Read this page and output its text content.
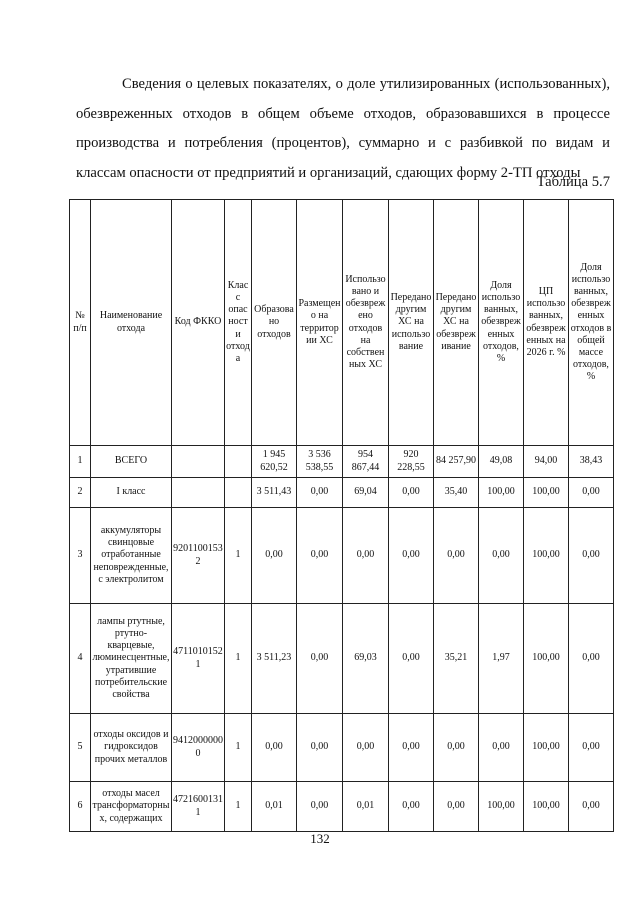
Сведения о целевых показателях, о доле утилизированных (использованных), обезвреженных отходов в общем объеме отходов, образовавшихся в процессе производства и потребления (процентов), суммарно и с разбивкой по видам и классам опасности от предприятий и организаций, сдающих форму 2-ТП отходы

Таблица 5.7
№ п/п	Наименование отхода	Код ФККО	Класс опасности отхода	Образовано отходов	Размещено на территории ХС	Использовано и обезврежено отходов на собственных ХС	Передано другим ХС на использование	Передано другим ХС на обезвреживание	Доля использованных, обезвреженных отходов, %	ЦП использованных, обезвреженных на 2026 г. %	Доля использованных, обезвреженных отходов в общей массе отходов, %
1	ВСЕГО			1 945 620,52	3 536 538,55	954 867,44	920 228,55	84 257,90	49,08	94,00	38,43
2	I класс			3 511,43	0,00	69,04	0,00	35,40	100,00	100,00	0,00
3	аккумуляторы свинцовые отработанные неповрежденные, с электролитом	92011001532	1	0,00	0,00	0,00	0,00	0,00	0,00	100,00	0,00
4	лампы ртутные, ртутно-кварцевые, люминесцентные, утратившие потребительские свойства	47110101521	1	3 511,23	0,00	69,03	0,00	35,21	1,97	100,00	0,00
5	отходы оксидов и гидроксидов прочих металлов	94120000000	1	0,00	0,00	0,00	0,00	0,00	0,00	100,00	0,00
6	отходы масел трансформаторных, содержащих	47216001311	1	0,01	0,00	0,01	0,00	0,00	100,00	100,00	0,00
132
